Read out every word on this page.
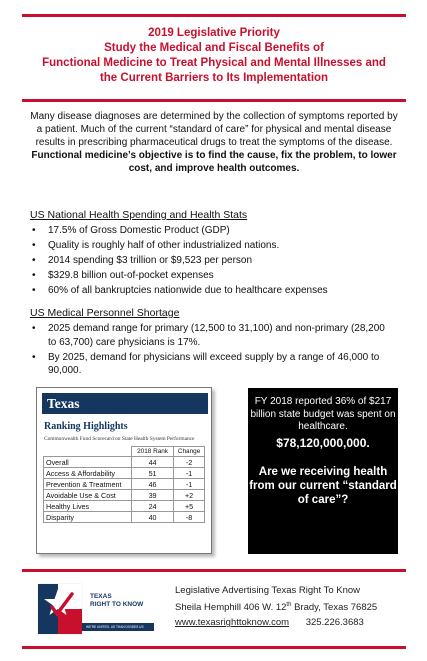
2019 Legislative Priority
Study the Medical and Fiscal Benefits of
Functional Medicine to Treat Physical and Mental Illnesses and
the Current Barriers to Its Implementation

Many disease diagnoses are determined by the collection of symptoms reported by a patient. Much of the current “standard of care” for physical and mental disease results in prescribing pharmaceutical drugs to treat the symptoms of the disease.

Functional medicine’s objective is to find the cause, fix the problem, to lower cost, and improve health outcomes.

US National Health Spending and Health Stats
• 17.5% of Gross Domestic Product (GDP)
• Quality is roughly half of other industrialized nations.
• 2014 spending $3 trillion or $9,523 per person
• $329.8 billion out-of-pocket expenses
• 60% of all bankruptcies nationwide due to healthcare expenses
US Medical Personnel Shortage
• 2025 demand range for primary (12,500 to 31,100) and non-primary (28,200 to 63,700) care physicians is 17%.
• By 2025, demand for physicians will exceed supply by a range of 46,000 to 90,000.
Texas
Ranking Highlights
Commonwealth Fund Scorecard on State Health System Performance
	2018 Rank	Change
Overall	44	-2
Access & Affordability	51	-1
Prevention & Treatment	46	-1
Avoidable Use & Cost	39	+2
Healthy Lives	24	+5
Disparity	40	-8
FY 2018 reported 36% of $217 billion state budget was spent on healthcare.
$78,120,000,000.
Are we receiving health from our current “standard of care”?
TEXAS
RIGHT TO KNOW
WE'RE UNITED, US THAN DIVIDES US
Legislative Advertising Texas Right To Know
Sheila Hemphill 406 W. 12th Brady, Texas 76825
www.texasrighttoknow.com 325.226.3683
